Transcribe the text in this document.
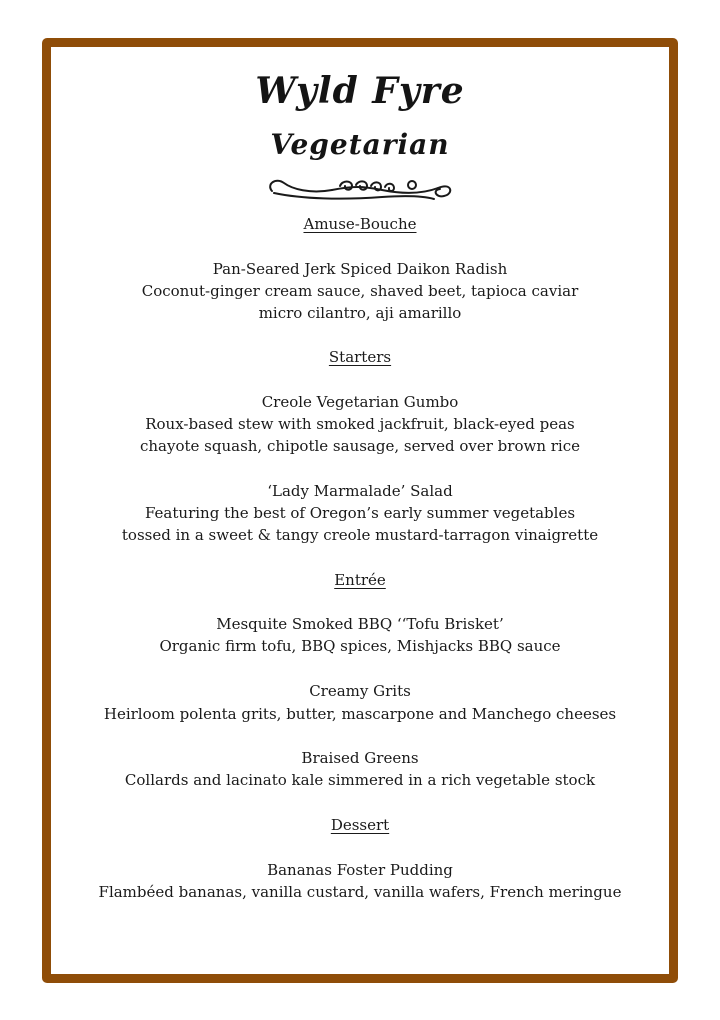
Wyld Fyre
Vegetarian
Amuse-Bouche
Pan-Seared Jerk Spiced Daikon Radish
Coconut-ginger cream sauce, shaved beet, tapioca caviar
micro cilantro, aji amarillo
Starters
Creole Vegetarian Gumbo
Roux-based stew with smoked jackfruit, black-eyed peas
chayote squash, chipotle sausage, served over brown rice
‘Lady Marmalade’ Salad
Featuring the best of Oregon’s early summer vegetables
tossed in a sweet & tangy creole mustard-tarragon vinaigrette
Entrée
Mesquite Smoked BBQ ‘‘Tofu Brisket’
Organic firm tofu, BBQ spices, Mishjacks BBQ sauce
Creamy Grits
Heirloom polenta grits, butter, mascarpone and Manchego cheeses
Braised Greens
Collards and lacinato kale simmered in a rich vegetable stock
Dessert
Bananas Foster Pudding
Flambéed bananas, vanilla custard, vanilla wafers, French meringue
